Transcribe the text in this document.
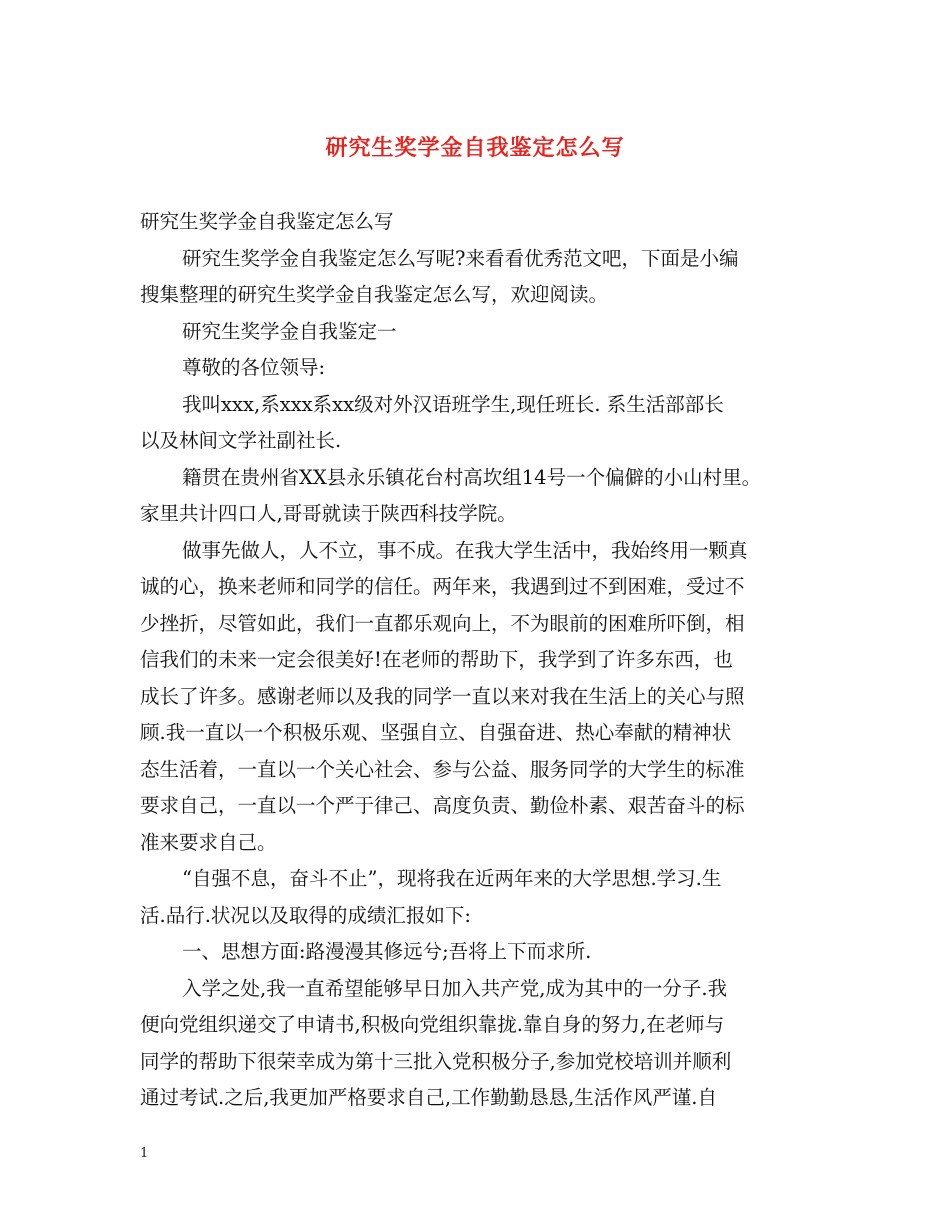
研究生奖学金自我鉴定怎么写
研究生奖学金自我鉴定怎么写
研究生奖学金自我鉴定怎么写呢?来看看优秀范文吧，下面是小编
搜集整理的研究生奖学金自我鉴定怎么写，欢迎阅读。
研究生奖学金自我鉴定一
尊敬的各位领导:
我叫xxx,系xxx系xx级对外汉语班学生,现任班长. 系生活部部长
以及林间文学社副社长.
籍贯在贵州省XX县永乐镇花台村高坎组14号一个偏僻的小山村里。
家里共计四口人,哥哥就读于陕西科技学院。
做事先做人，人不立，事不成。在我大学生活中，我始终用一颗真
诚的心，换来老师和同学的信任。两年来，我遇到过不到困难，受过不
少挫折，尽管如此，我们一直都乐观向上，不为眼前的困难所吓倒，相
信我们的未来一定会很美好!在老师的帮助下，我学到了许多东西，也
成长了许多。感谢老师以及我的同学一直以来对我在生活上的关心与照
顾.我一直以一个积极乐观、坚强自立、自强奋进、热心奉献的精神状
态生活着，一直以一个关心社会、参与公益、服务同学的大学生的标准
要求自己，一直以一个严于律己、高度负责、勤俭朴素、艰苦奋斗的标
准来要求自己。
“自强不息，奋斗不止”，现将我在近两年来的大学思想.学习.生
活.品行.状况以及取得的成绩汇报如下:
一、思想方面:路漫漫其修远兮;吾将上下而求所.
入学之处,我一直希望能够早日加入共产党,成为其中的一分子.我
便向党组织递交了申请书,积极向党组织靠拢.靠自身的努力,在老师与
同学的帮助下很荣幸成为第十三批入党积极分子,参加党校培训并顺利
通过考试.之后,我更加严格要求自己,工作勤勤恳恳,生活作风严谨.自
1
